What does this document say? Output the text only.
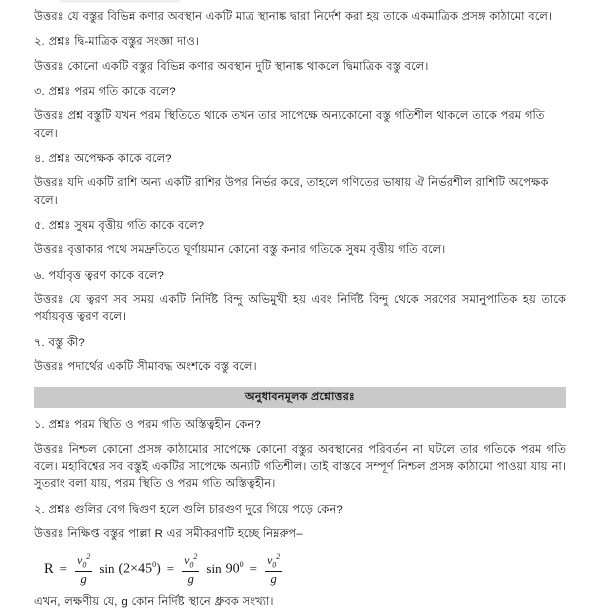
উত্তরঃ যে বস্তুর বিভিন্ন কণার অবস্থান একটি মাত্র স্থানাঙ্ক দ্বারা নির্দেশ করা হয় তাকে একমাত্রিক প্রসঙ্গ কাঠামো বলে।

২. প্রশ্নঃ দ্বি-মাত্রিক বস্তুর সংজ্ঞা দাও।

উত্তরঃ কোনো একটি বস্তুর বিভিন্ন কণার অবস্থান দুটি স্থানাঙ্ক থাকলে দ্বিমাত্রিক বস্তু বলে।

৩. প্রশ্নঃ পরম গতি কাকে বলে?

উত্তরঃ প্রশ্ন বস্তুটি যখন পরম স্থিতিতে থাকে তখন তার সাপেক্ষে অন্যকোনো বস্তু গতিশীল থাকলে তাকে পরম গতি বলে।

৪. প্রশ্নঃ অপেক্ষক কাকে বলে?

উত্তরঃ যদি একটি রাশি অন্য একটি রাশির উপর নির্ভর করে, তাহলে গণিতের ভাষায় ঐ নির্ভরশীল রাশিটি অপেক্ষক বলে।

৫. প্রশ্নঃ সুষম বৃত্তীয় গতি কাকে বলে?

উত্তরঃ বৃত্তাকার পথে সমদ্রুতিতে ঘূর্ণায়মান কোনো বস্তু কনার গতিকে সুষম বৃত্তীয় গতি বলে।

৬. পর্যাবৃত্ত ত্বরণ কাকে বলে?

উত্তরঃ যে ত্বরণ সব সময় একটি নির্দিষ্ট বিন্দু অভিমুখী হয় এবং নির্দিষ্ট বিন্দু থেকে সরণের সমানুপাতিক হয় তাকে পর্যায়বৃত্ত ত্বরণ বলে।

৭. বস্তু কী?

উত্তরঃ পদার্থের একটি সীমাবদ্ধ অংশকে বস্তু বলে।

অনুধাবনমূলক প্রশ্নোত্তরঃ

১. প্রশ্নঃ পরম স্থিতি ও পরম গতি অস্তিত্বহীন কেন?

উত্তরঃ নিশ্চল কোনো প্রসঙ্গ কাঠামোর সাপেক্ষে কোনো বস্তুর অবস্থানের পরিবর্তন না ঘটলে তার গতিকে পরম গতি বলে। মহাবিশ্বের সব বস্তুই একটির সাপেক্ষে অন্যটি গতিশীল। তাই বাস্তবে সম্পূর্ণ নিশ্চল প্রসঙ্গ কাঠামো পাওয়া যায় না। সুতরাং বলা যায়, পরম স্থিতি ও পরম গতি অস্তিত্বহীন।

২. প্রশ্নঃ গুলির বেগ দ্বিগুণ হলে গুলি চারগুণ দুরে গিয়ে পড়ে কেন?

উত্তরঃ নিক্ষিপ্ত বস্তুর পাল্লা R এর সমীকরণটি হচ্ছে নিম্নরুপ–

$R = \frac{v_0^2}{g}$ $\sin (2\times 45^0) = \frac{v_0^2}{g}$ $\sin 90^0 = \frac{v_0^2}{g}$

এখন, লক্ষণীয় যে, g কোন নির্দিষ্ট স্থানে ধ্রুবক সংখ্যা।
